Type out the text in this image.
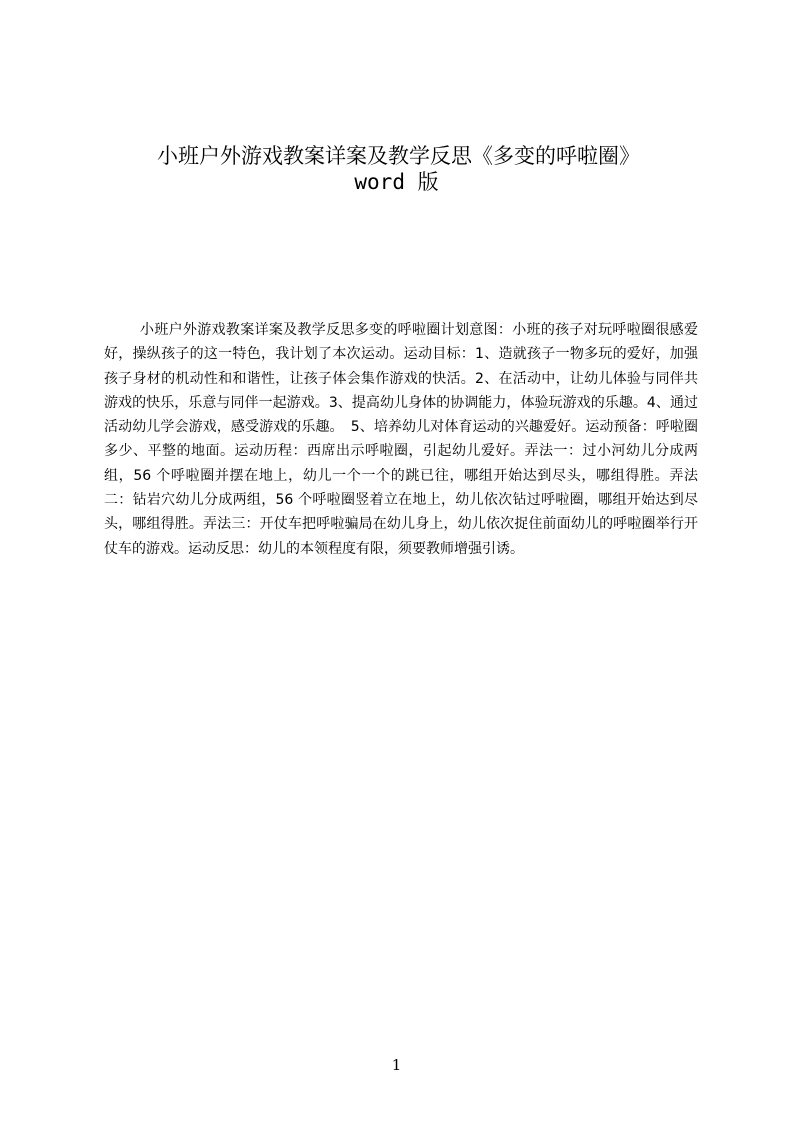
小班户外游戏教案详案及教学反思《多变的呼啦圈》
word 版

小班户外游戏教案详案及教学反思多变的呼啦圈计划意图：小班的孩子对玩呼啦圈很感爱好，操纵孩子的这一特色，我计划了本次运动。运动目标：1、造就孩子一物多玩的爱好，加强孩子身材的机动性和和谐性，让孩子体会集作游戏的快活。2、在活动中，让幼儿体验与同伴共游戏的快乐，乐意与同伴一起游戏。3、提高幼儿身体的协调能力，体验玩游戏的乐趣。4、通过活动幼儿学会游戏，感受游戏的乐趣。　5、培养幼儿对体育运动的兴趣爱好。运动预备：呼啦圈多少、平整的地面。运动历程：西席出示呼啦圈，引起幼儿爱好。弄法一：过小河幼儿分成两组，56 个呼啦圈并摆在地上，幼儿一个一个的跳已往，哪组开始达到尽头，哪组得胜。弄法二：钻岩穴幼儿分成两组，56 个呼啦圈竖着立在地上，幼儿依次钻过呼啦圈，哪组开始达到尽头，哪组得胜。弄法三：开仗车把呼啦骗局在幼儿身上，幼儿依次捉住前面幼儿的呼啦圈举行开仗车的游戏。运动反思：幼儿的本领程度有限，须要教师增强引诱。

1
